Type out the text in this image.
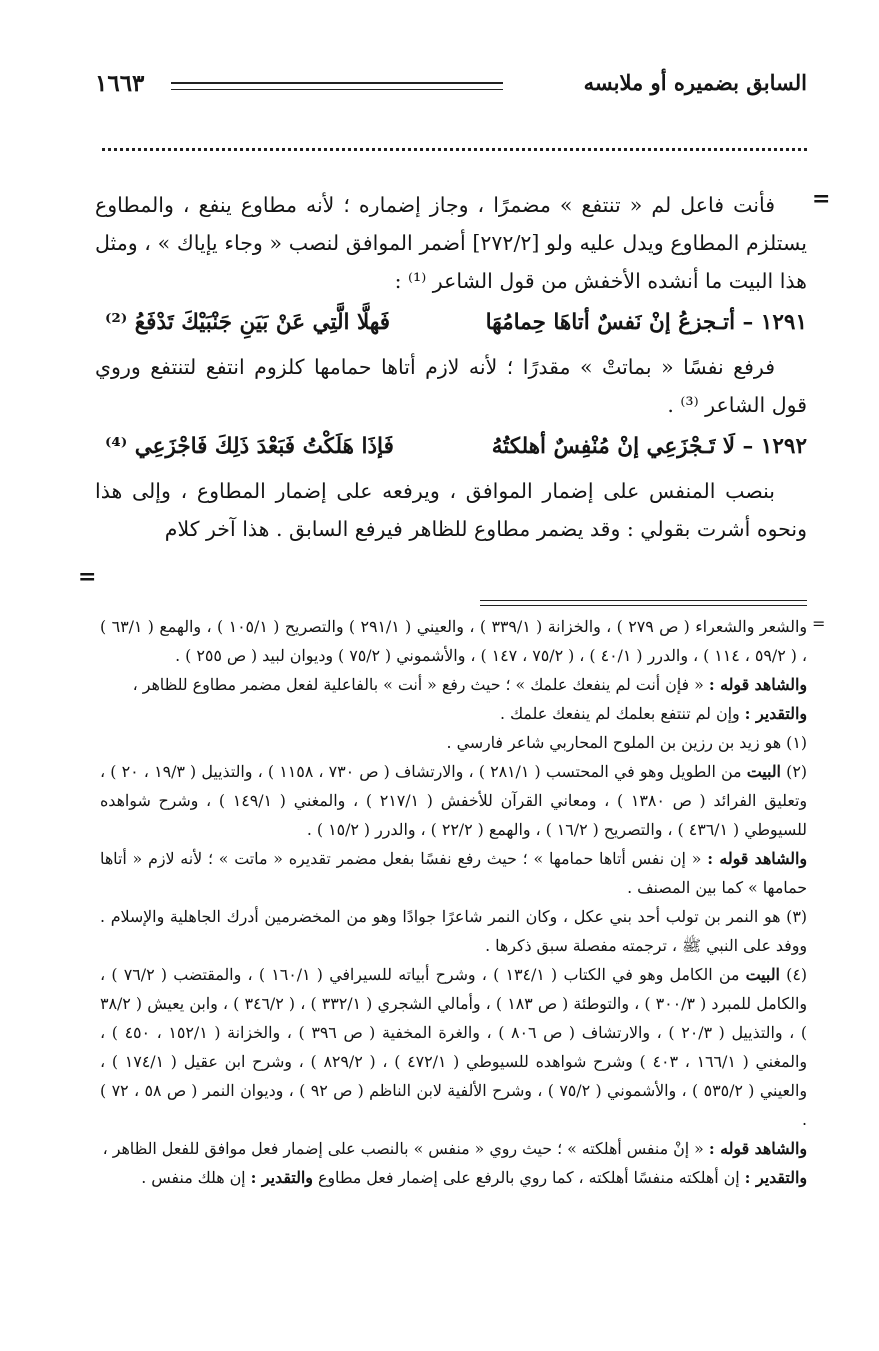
السابق بضميره أو ملابسه
١٦٦٣
=

فأنت فاعل لم « تنتفع » مضمرًا ، وجاز إضماره ؛ لأنه مطاوع ينفع ، والمطاوع يستلزم المطاوع ويدل عليه ولو [٢٧٢/٢] أضمر الموافق لنصب « وجاء يإياك » ، ومثل هذا البيت ما أنشده الأخفش من قول الشاعر ⁽¹⁾ :

١٢٩١ – أتـجزعُ إنْ نَفسٌ أتاهَا حِمامُهَا
فَهلَّا الَّتِي عَنْ بَيَنِ جَنْبَيْكَ تَدْفَعُ ⁽²⁾

فرفع نفسًا « بماتتْ » مقدرًا ؛ لأنه لازم أتاها حمامها كلزوم انتفع لتنتفع وروي قول الشاعر ⁽³⁾ .

١٢٩٢ – لَا تَـجْزَعِي إنْ مُنْفِسٌ أهلكتُهُ
فَإذَا هَلَكْتُ فَبَعْدَ ذَلِكَ فَاجْزَعِي ⁽⁴⁾

بنصب المنفس على إضمار الموافق ، ويرفعه على إضمار المطاوع ، وإلى هذا ونحوه أشرت بقولي : وقد يضمر مطاوع للظاهر فيرفع السابق . هذا آخر كلام

=
=

والشعر والشعراء ( ص ٢٧٩ ) ، والخزانة ( ٣٣٩/١ ) ، والعيني ( ٢٩١/١ ) والتصريح ( ١٠٥/١ ) ، والهمع ( ٦٣/١ ) ، ( ٥٩/٢ ، ١١٤ ) ، والدرر ( ٤٠/١ ) ، ( ٧٥/٢ ، ١٤٧ ) ، والأشموني ( ٧٥/٢ ) وديوان لبيد ( ص ٢٥٥ ) .

والشاهد قوله : « فإن أنت لم ينفعك علمك » ؛ حيث رفع « أنت » بالفاعلية لفعل مضمر مطاوع للظاهر ،

والتقدير : وإن لم تنتفع بعلمك لم ينفعك علمك .

(١) هو زيد بن رزين بن الملوح المحاربي شاعر فارسي .

(٢) البيت من الطويل وهو في المحتسب ( ٢٨١/١ ) ، والارتشاف ( ص ٧٣٠ ، ١١٥٨ ) ، والتذييل ( ١٩/٣ ، ٢٠ ) ، وتعليق الفرائد ( ص ١٣٨٠ ) ، ومعاني القرآن للأخفش ( ٢١٧/١ ) ، والمغني ( ١٤٩/١ ) ، وشرح شواهده للسيوطي ( ٤٣٦/١ ) ، والتصريح ( ١٦/٢ ) ، والهمع ( ٢٢/٢ ) ، والدرر ( ١٥/٢ ) .

والشاهد قوله : « إن نفس أتاها حمامها » ؛ حيث رفع نفسًا بفعل مضمر تقديره « ماتت » ؛ لأنه لازم « أتاها حمامها » كما بين المصنف .

(٣) هو النمر بن تولب أحد بني عكل ، وكان النمر شاعرًا جوادًا وهو من المخضرمين أدرك الجاهلية والإسلام . ووفد على النبي ﷺ ، ترجمته مفصلة سبق ذكرها .

(٤) البيت من الكامل وهو في الكتاب ( ١٣٤/١ ) ، وشرح أبياته للسيرافي ( ١٦٠/١ ) ، والمقتضب ( ٧٦/٢ ) ، والكامل للمبرد ( ٣٠٠/٣ ) ، والتوطئة ( ص ١٨٣ ) ، وأمالي الشجري ( ٣٣٢/١ ) ، ( ٣٤٦/٢ ) ، وابن يعيش ( ٣٨/٢ ) ، والتذييل ( ٢٠/٣ ) ، والارتشاف ( ص ٨٠٦ ) ، والغرة المخفية ( ص ٣٩٦ ) ، والخزانة ( ١٥٢/١ ، ٤٥٠ ) ، والمغني ( ١٦٦/١ ، ٤٠٣ ) وشرح شواهده للسيوطي ( ٤٧٢/١ ) ، ( ٨٢٩/٢ ) ، وشرح ابن عقيل ( ١٧٤/١ ) ، والعيني ( ٥٣٥/٢ ) ، والأشموني ( ٧٥/٢ ) ، وشرح الألفية لابن الناظم ( ص ٩٢ ) ، وديوان النمر ( ص ٥٨ ، ٧٢ ) .

والشاهد قوله : « إنْ منفس أهلكته » ؛ حيث روي « منفس » بالنصب على إضمار فعل موافق للفعل الظاهر ،

والتقدير : إن أهلكته منفسًا أهلكته ، كما روي بالرفع على إضمار فعل مطاوع والتقدير : إن هلك منفس .
